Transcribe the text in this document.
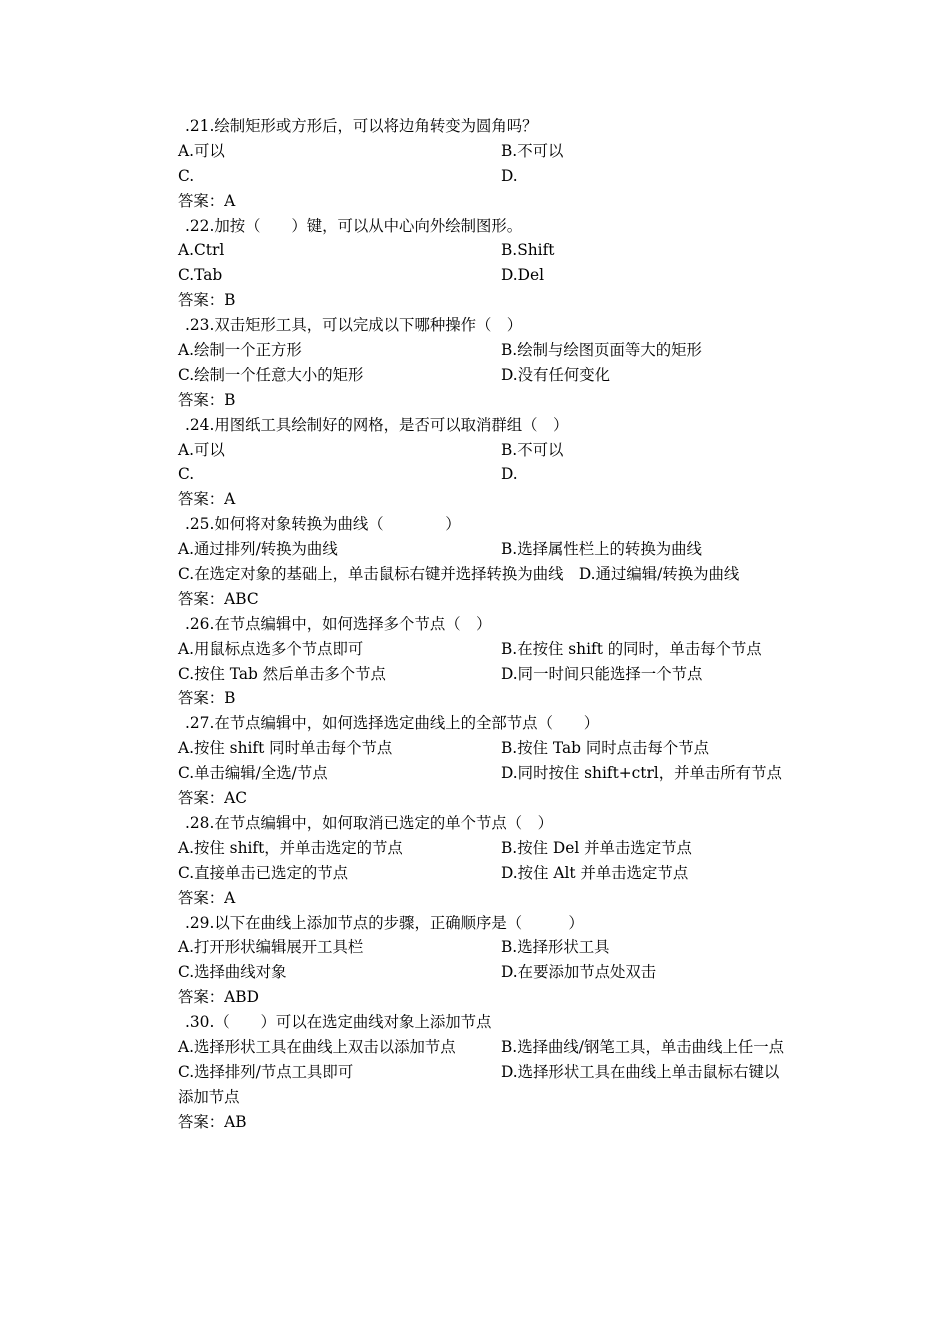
.21.绘制矩形或方形后，可以将边角转变为圆角吗？
A.可以	B.不可以
C.	D.
答案：A
.22.加按（　　）键，可以从中心向外绘制图形。
A.Ctrl	B.Shift
C.Tab	D.Del
答案：B
.23.双击矩形工具，可以完成以下哪种操作（　）
A.绘制一个正方形	B.绘制与绘图页面等大的矩形
C.绘制一个任意大小的矩形	D.没有任何变化
答案：B
.24.用图纸工具绘制好的网格，是否可以取消群组（　）
A.可以	B.不可以
C.	D.
答案：A
.25.如何将对象转换为曲线（　　　　）
A.通过排列/转换为曲线	B.选择属性栏上的转换为曲线
C.在选定对象的基础上，单击鼠标右键并选择转换为曲线　D.通过编辑/转换为曲线
答案：ABC
.26.在节点编辑中，如何选择多个节点（　）
A.用鼠标点选多个节点即可	B.在按住 shift 的同时，单击每个节点
C.按住 Tab 然后单击多个节点	D.同一时间只能选择一个节点
答案：B
.27.在节点编辑中，如何选择选定曲线上的全部节点（　　）
A.按住 shift 同时单击每个节点	B.按住 Tab 同时点击每个节点
C.单击编辑/全选/节点	D.同时按住 shift+ctrl，并单击所有节点
答案：AC
.28.在节点编辑中，如何取消已选定的单个节点（　）
A.按住 shift，并单击选定的节点	B.按住 Del 并单击选定节点
C.直接单击已选定的节点	D.按住 Alt 并单击选定节点
答案：A
.29.以下在曲线上添加节点的步骤，正确顺序是（　　　）
A.打开形状编辑展开工具栏	B.选择形状工具
C.选择曲线对象	D.在要添加节点处双击
答案：ABD
.30.（　　）可以在选定曲线对象上添加节点
A.选择形状工具在曲线上双击以添加节点	B.选择曲线/钢笔工具，单击曲线上任一点
C.选择排列/节点工具即可	D.选择形状工具在曲线上单击鼠标右键以
添加节点
答案：AB
